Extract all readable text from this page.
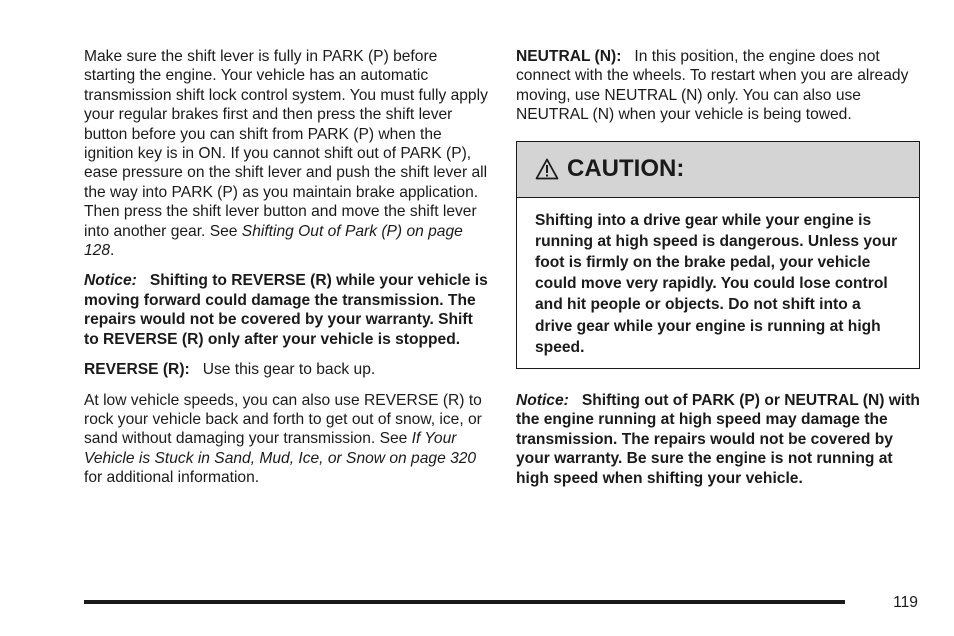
Make sure the shift lever is fully in PARK (P) before starting the engine. Your vehicle has an automatic transmission shift lock control system. You must fully apply your regular brakes first and then press the shift lever button before you can shift from PARK (P) when the ignition key is in ON. If you cannot shift out of PARK (P), ease pressure on the shift lever and push the shift lever all the way into PARK (P) as you maintain brake application. Then press the shift lever button and move the shift lever into another gear. See Shifting Out of Park (P) on page 128.

Notice: Shifting to REVERSE (R) while your vehicle is moving forward could damage the transmission. The repairs would not be covered by your warranty. Shift to REVERSE (R) only after your vehicle is stopped.

REVERSE (R): Use this gear to back up.

At low vehicle speeds, you can also use REVERSE (R) to rock your vehicle back and forth to get out of snow, ice, or sand without damaging your transmission. See If Your Vehicle is Stuck in Sand, Mud, Ice, or Snow on page 320 for additional information.

NEUTRAL (N): In this position, the engine does not connect with the wheels. To restart when you are already moving, use NEUTRAL (N) only. You can also use NEUTRAL (N) when your vehicle is being towed.

CAUTION:
Shifting into a drive gear while your engine is running at high speed is dangerous. Unless your foot is firmly on the brake pedal, your vehicle could move very rapidly. You could lose control and hit people or objects. Do not shift into a drive gear while your engine is running at high speed.

Notice: Shifting out of PARK (P) or NEUTRAL (N) with the engine running at high speed may damage the transmission. The repairs would not be covered by your warranty. Be sure the engine is not running at high speed when shifting your vehicle.

119
